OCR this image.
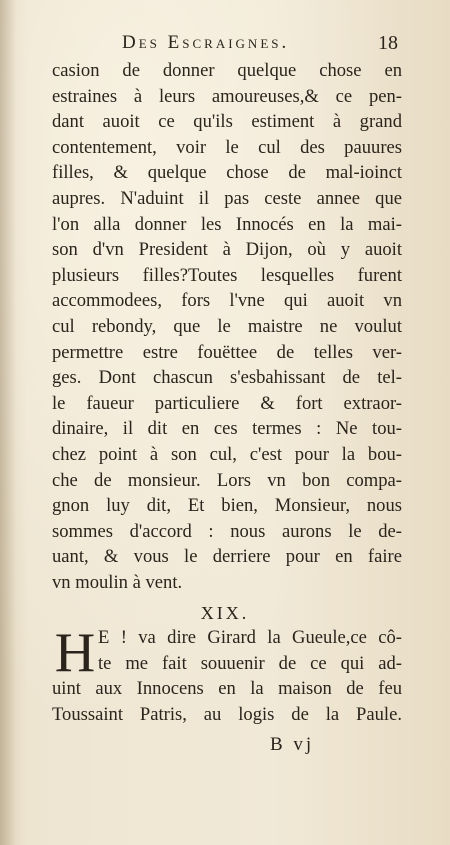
Des Escraignes.	18
casion de donner quelque chose en
estraines à leurs amoureuses,& ce pen-
dant auoit ce qu'ils estiment à grand
contentement, voir le cul des pauures
filles, & quelque chose de mal-ioinct
aupres. N'aduint il pas ceste annee que
l'on alla donner les Innocés en la mai-
son d'vn President à Dijon, où y auoit
plusieurs filles?Toutes lesquelles furent
accommodees, fors l'vne qui auoit vn
cul rebondy, que le maistre ne voulut
permettre estre fouëttee de telles ver-
ges. Dont chascun s'esbahissant de tel-
le faueur particuliere & fort extraor-
dinaire, il dit en ces termes : Ne tou-
chez point à son cul, c'est pour la bou-
che de monsieur. Lors vn bon compa-
gnon luy dit, Et bien, Monsieur, nous
sommes d'accord : nous aurons le de-
uant, & vous le derriere pour en faire
vn moulin à vent.
XIX.
H E ! va dire Girard la Gueule,ce cô-
te me fait souuenir de ce qui ad-
uint aux Innocens en la maison de feu
Toussaint Patris, au logis de la Paule.
B vj
